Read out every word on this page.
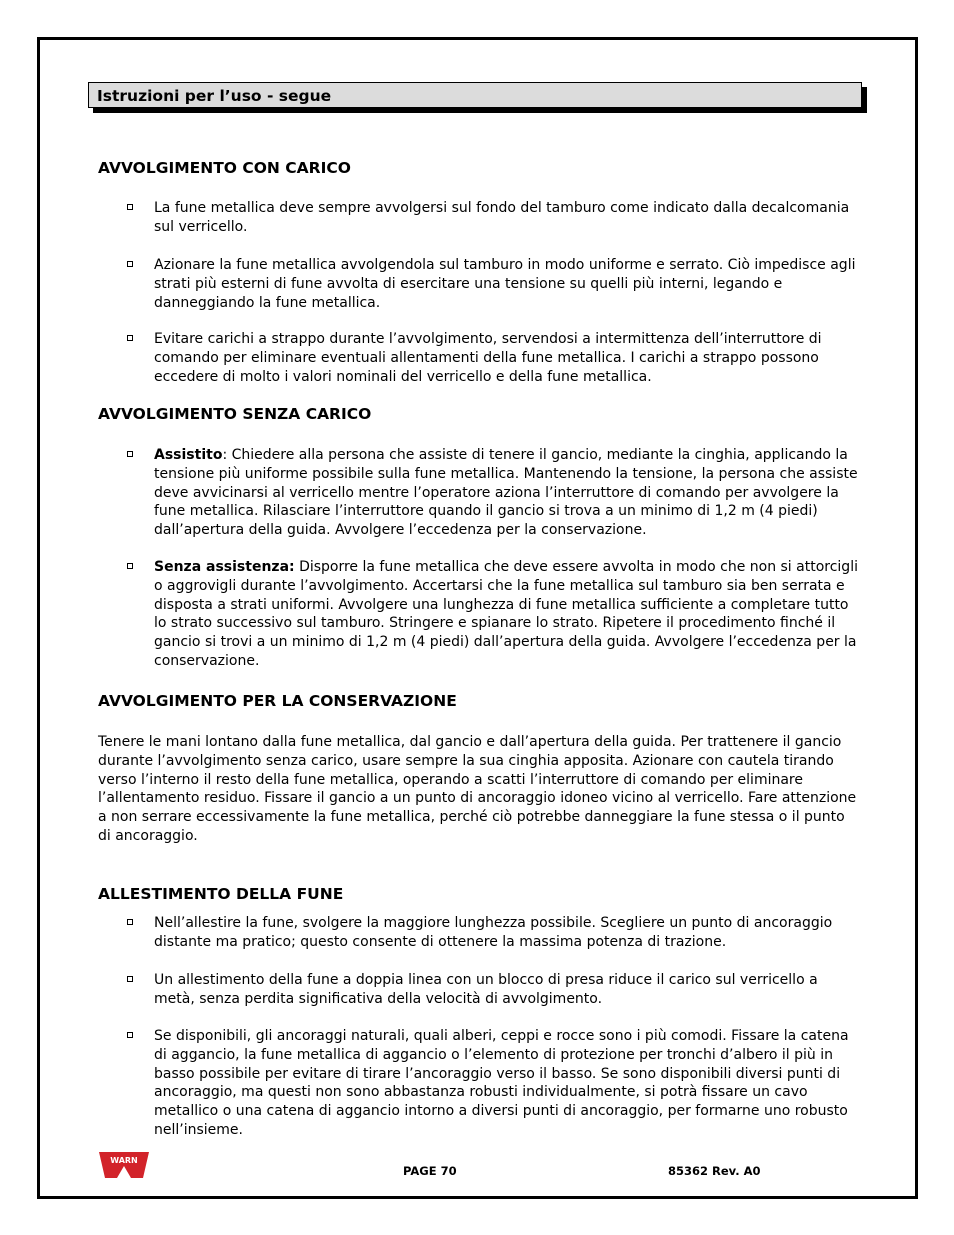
Istruzioni per l’uso - segue
AVVOLGIMENTO CON CARICO
La fune metallica deve sempre avvolgersi sul fondo del tamburo come indicato dalla decalcomania sul verricello.
Azionare la fune metallica avvolgendola sul tamburo in modo uniforme e serrato. Ciò impedisce agli strati più esterni di fune avvolta di esercitare una tensione su quelli più interni, legando e danneggiando la fune metallica.
Evitare carichi a strappo durante l’avvolgimento, servendosi a intermittenza dell’interruttore di comando per eliminare eventuali allentamenti della fune metallica. I carichi a strappo possono eccedere di molto i valori nominali del verricello e della fune metallica.
AVVOLGIMENTO SENZA CARICO
Assistito: Chiedere alla persona che assiste di tenere il gancio, mediante la cinghia, applicando la tensione più uniforme possibile sulla fune metallica. Mantenendo la tensione, la persona che assiste deve avvicinarsi al verricello mentre l’operatore aziona l’interruttore di comando per avvolgere la fune metallica. Rilasciare l’interruttore quando il gancio si trova a un minimo di 1,2 m (4 piedi) dall’apertura della guida. Avvolgere l’eccedenza per la conservazione.
Senza assistenza: Disporre la fune metallica che deve essere avvolta in modo che non si attorcigli o aggrovigli durante l’avvolgimento. Accertarsi che la fune metallica sul tamburo sia ben serrata e disposta a strati uniformi. Avvolgere una lunghezza di fune metallica sufficiente a completare tutto lo strato successivo sul tamburo. Stringere e spianare lo strato. Ripetere il procedimento finché il gancio si trovi a un minimo di 1,2 m (4 piedi) dall’apertura della guida. Avvolgere l’eccedenza per la conservazione.
AVVOLGIMENTO PER LA CONSERVAZIONE
Tenere le mani lontano dalla fune metallica, dal gancio e dall’apertura della guida. Per trattenere il gancio durante l’avvolgimento senza carico, usare sempre la sua cinghia apposita. Azionare con cautela tirando verso l’interno il resto della fune metallica, operando a scatti l’interruttore di comando per eliminare l’allentamento residuo. Fissare il gancio a un punto di ancoraggio idoneo vicino al verricello. Fare attenzione a non serrare eccessivamente la fune metallica, perché ciò potrebbe danneggiare la fune stessa o il punto di ancoraggio.
ALLESTIMENTO DELLA FUNE
Nell’allestire la fune, svolgere la maggiore lunghezza possibile. Scegliere un punto di ancoraggio distante ma pratico; questo consente di ottenere la massima potenza di trazione.
Un allestimento della fune a doppia linea con un blocco di presa riduce il carico sul verricello a metà, senza perdita significativa della velocità di avvolgimento.
Se disponibili, gli ancoraggi naturali, quali alberi, ceppi e rocce sono i più comodi. Fissare la catena di aggancio, la fune metallica di aggancio o l’elemento di protezione per tronchi d’albero il più in basso possibile per evitare di tirare l’ancoraggio verso il basso. Se sono disponibili diversi punti di ancoraggio, ma questi non sono abbastanza robusti individualmente, si potrà fissare un cavo metallico o una catena di aggancio intorno a diversi punti di ancoraggio, per formarne uno robusto nell’insieme.
WARN
PAGE 70	85362 Rev. A0
